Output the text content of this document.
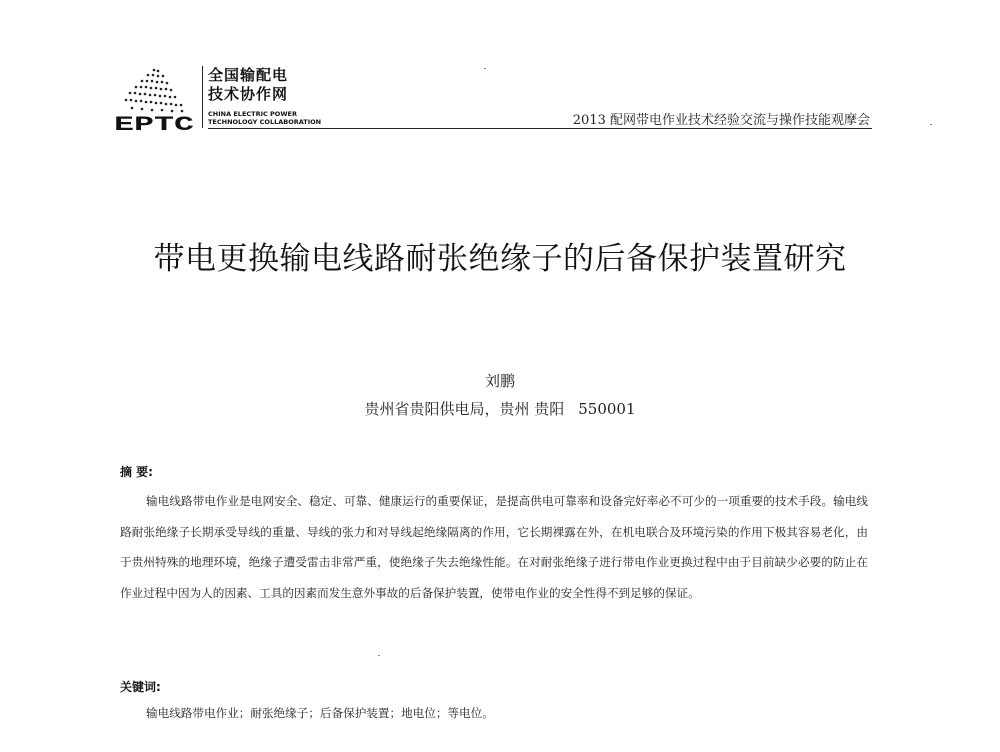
EPTC
全国输配电
技术协作网
CHINA ELECTRIC POWER
TECHNOLOGY COLLABORATION	2013 配网带电作业技术经验交流与操作技能观摩会
带电更换输电线路耐张绝缘子的后备保护装置研究
刘鹏
贵州省贵阳供电局，贵州 贵阳 550001
摘 要:
输电线路带电作业是电网安全、稳定、可靠、健康运行的重要保证，是提高供电可靠率和设备完好率必不可少的一项重要的技术手段。输电线路耐张绝缘子长期承受导线的重量、导线的张力和对导线起绝缘隔离的作用，它长期裸露在外，在机电联合及环境污染的作用下极其容易老化，由于贵州特殊的地理环境，绝缘子遭受雷击非常严重，使绝缘子失去绝缘性能。在对耐张绝缘子进行带电作业更换过程中由于目前缺少必要的防止在作业过程中因为人的因素、工具的因素而发生意外事故的后备保护装置，使带电作业的安全性得不到足够的保证。
关键词:
输电线路带电作业；耐张绝缘子；后备保护装置；地电位；等电位。
